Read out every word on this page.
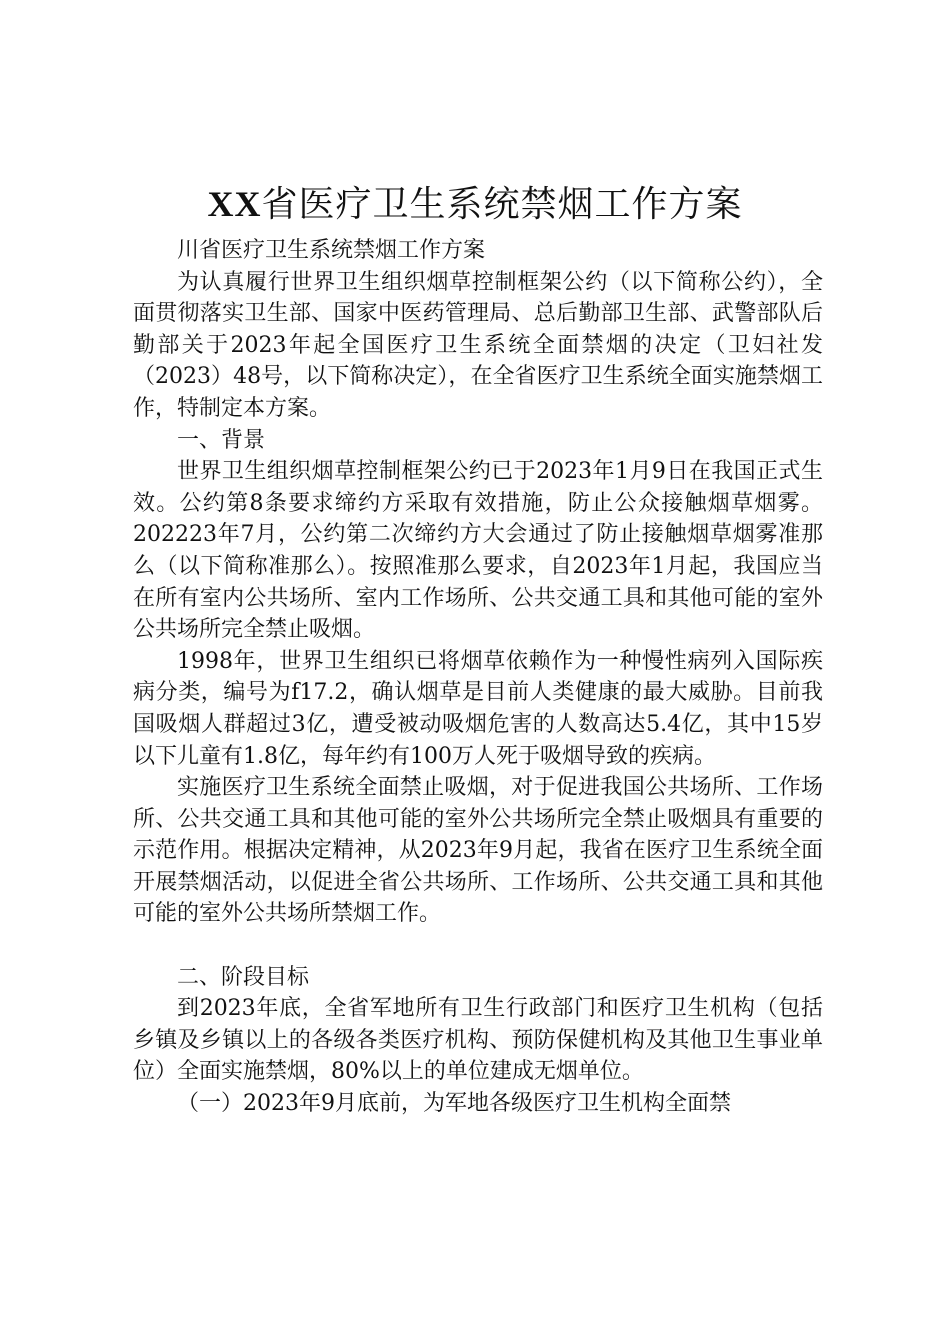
XX省医疗卫生系统禁烟工作方案

川省医疗卫生系统禁烟工作方案

为认真履行世界卫生组织烟草控制框架公约（以下简称公约），全面贯彻落实卫生部、国家中医药管理局、总后勤部卫生部、武警部队后勤部关于2023年起全国医疗卫生系统全面禁烟的决定（卫妇社发（2023）48号，以下简称决定），在全省医疗卫生系统全面实施禁烟工作，特制定本方案。

一、背景

世界卫生组织烟草控制框架公约已于2023年1月9日在我国正式生效。公约第8条要求缔约方采取有效措施，防止公众接触烟草烟雾。202223年7月，公约第二次缔约方大会通过了防止接触烟草烟雾准那么（以下简称准那么）。按照准那么要求，自2023年1月起，我国应当在所有室内公共场所、室内工作场所、公共交通工具和其他可能的室外公共场所完全禁止吸烟。

1998年，世界卫生组织已将烟草依赖作为一种慢性病列入国际疾病分类，编号为f17.2，确认烟草是目前人类健康的最大威胁。目前我国吸烟人群超过3亿，遭受被动吸烟危害的人数高达5.4亿，其中15岁以下儿童有1.8亿，每年约有100万人死于吸烟导致的疾病。

实施医疗卫生系统全面禁止吸烟，对于促进我国公共场所、工作场所、公共交通工具和其他可能的室外公共场所完全禁止吸烟具有重要的示范作用。根据决定精神，从2023年9月起，我省在医疗卫生系统全面开展禁烟活动，以促进全省公共场所、工作场所、公共交通工具和其他可能的室外公共场所禁烟工作。

二、阶段目标

到2023年底，全省军地所有卫生行政部门和医疗卫生机构（包括乡镇及乡镇以上的各级各类医疗机构、预防保健机构及其他卫生事业单位）全面实施禁烟，80%以上的单位建成无烟单位。

（一）2023年9月底前，为军地各级医疗卫生机构全面禁
